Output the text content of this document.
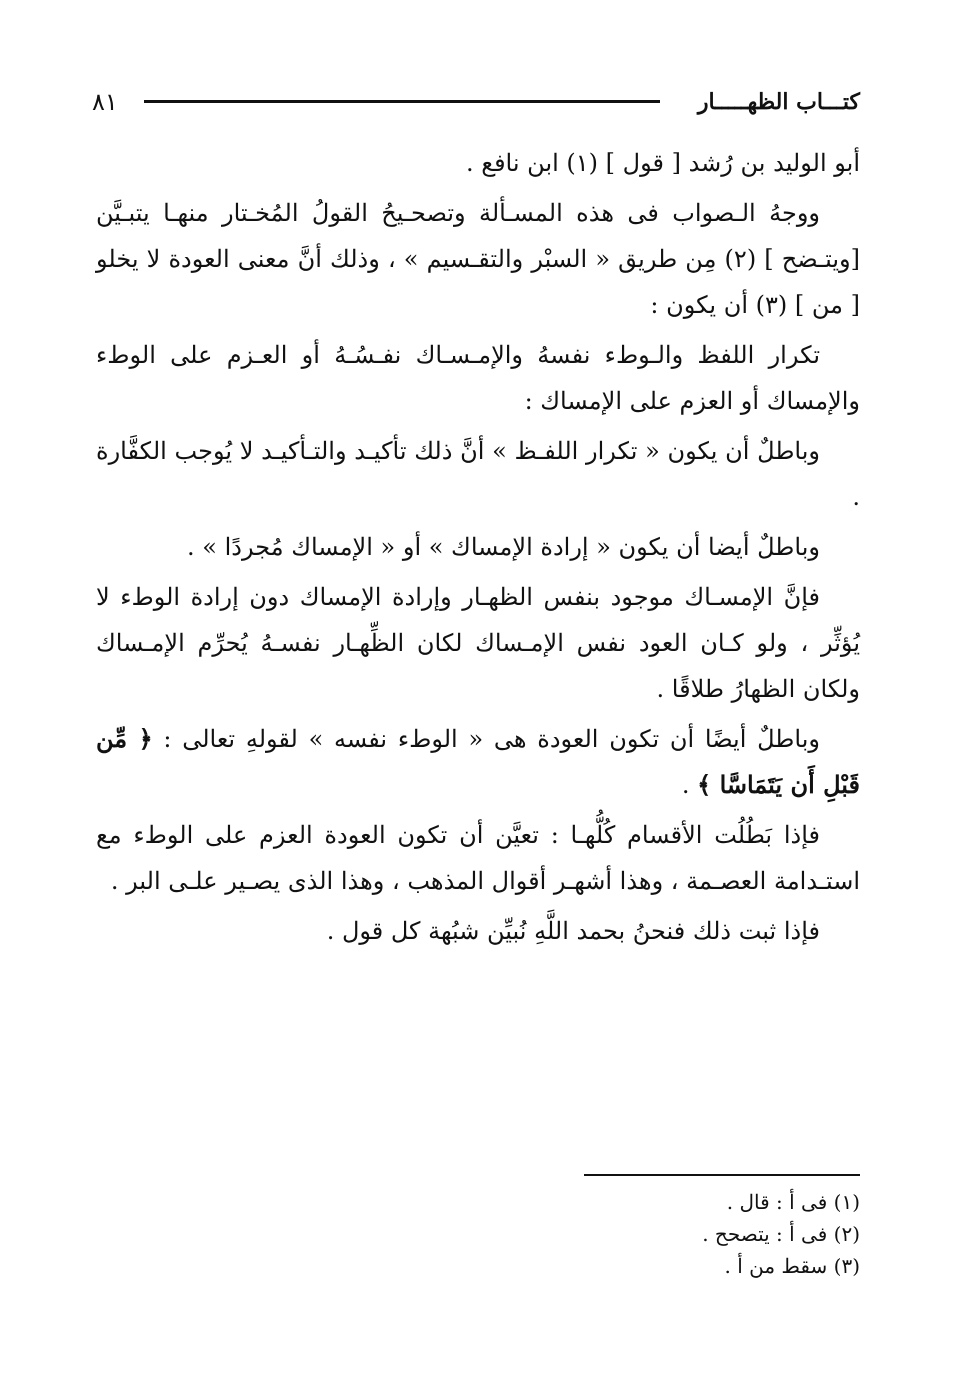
٨١	كتـــاب الظهـــــار

أبو الوليد بن رُشد [ قول ] (١) ابن نافع .

ووجهُ الـصواب فى هذه المسـألة وتصحـيحُ القولُ المُخـتار منهـا يتبـيَّن [ويتـضح ] (٢) مِن طريق « السبْر والتقـسيم » ، وذلك أنَّ معنى العودة لا يخلو [ من ] (٣) أن يكون :

تكرار اللفظ والـوطء نفسهُ والإمـسـاك نفـسُـهُ أو العـزم على الوطء والإمساك أو العزم على الإمساك :

وباطلٌ أن يكون « تكرار اللفـظ » أنَّ ذلك تأكيـد والتـأكيـد لا يُوجب الكفَّارة .

وباطلٌ أيضا أن يكون « إرادة الإمساك » أو « الإمساك مُجردًا » .

فإنَّ الإمسـاك موجود بنفس الظهـار وإرادة الإمساك دون إرادة الوطء لا يُؤثِّر ، ولو كـان العود نفس الإمـساك لكان الظِّهـار نفسـهُ يُحرِّم الإمـساك ولكان الظهارُ طلاقًا .

وباطلٌ أيضًا أن تكون العودة هى « الوطء نفسه » لقولهِ تعالى : ﴿ مِّن قَبْلِ أَن يَتَمَاسَّا ﴾ .

فإذا بَطُلُت الأقسام كُلُّهـا : تعيَّن أن تكون العودة العزم على الوطء مع استـدامة العصـمة ، وهذا أشهـر أقوال المذهب ، وهذا الذى يصـير علـى البر .

فإذا ثبت ذلك فنحنُ بحمد اللَّهِ نُبيِّن شبُهة كل قول .

(١) فى أ : قال .
(٢) فى أ : يتصحح .
(٣) سقط من أ .
